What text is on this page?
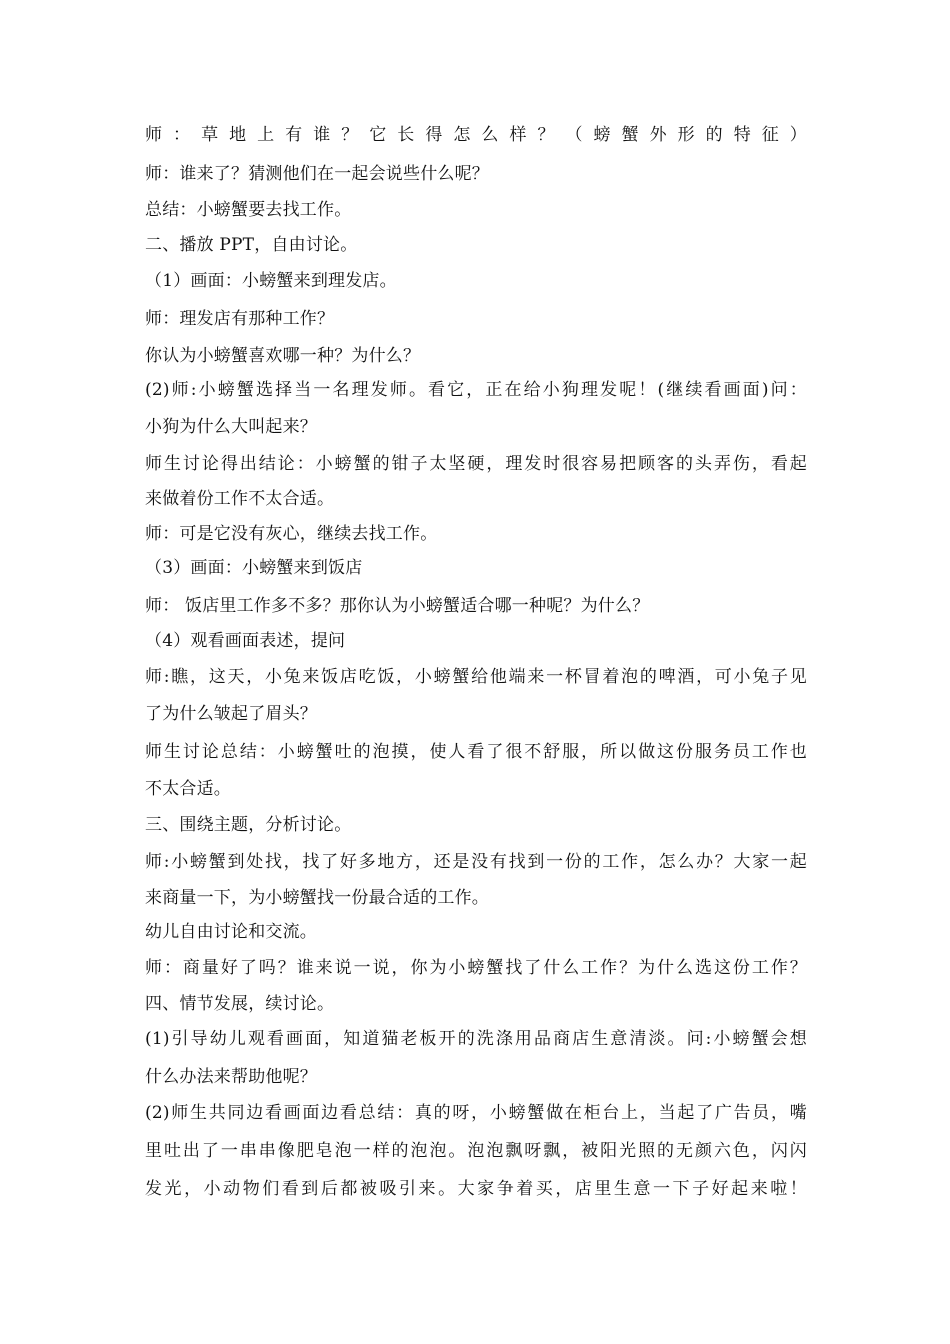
师：草地上有谁？它长得怎么样？（螃蟹外形的特征）
师：谁来了？猜测他们在一起会说些什么呢？
总结：小螃蟹要去找工作。
二、播放 PPT，自由讨论。
（1）画面：小螃蟹来到理发店。
师：理发店有那种工作？
你认为小螃蟹喜欢哪一种？为什么？
(2)师:小螃蟹选择当一名理发师。看它，正在给小狗理发呢！(继续看画面)问：
小狗为什么大叫起来？
师生讨论得出结论：小螃蟹的钳子太坚硬，理发时很容易把顾客的头弄伤，看起
来做着份工作不太合适。
师：可是它没有灰心，继续去找工作。
（3）画面：小螃蟹来到饭店
师： 饭店里工作多不多？那你认为小螃蟹适合哪一种呢？为什么？
（4）观看画面表述，提问
师:瞧，这天，小兔来饭店吃饭，小螃蟹给他端来一杯冒着泡的啤酒，可小兔子见
了为什么皱起了眉头？
师生讨论总结：小螃蟹吐的泡摸，使人看了很不舒服，所以做这份服务员工作也
不太合适。
三、围绕主题，分析讨论。
师:小螃蟹到处找，找了好多地方，还是没有找到一份的工作，怎么办？大家一起
来商量一下，为小螃蟹找一份最合适的工作。
幼儿自由讨论和交流。
师：商量好了吗？谁来说一说，你为小螃蟹找了什么工作？为什么选这份工作？
四、情节发展，续讨论。
(1)引导幼儿观看画面，知道猫老板开的洗涤用品商店生意清淡。问:小螃蟹会想
什么办法来帮助他呢？
(2)师生共同边看画面边看总结：真的呀，小螃蟹做在柜台上，当起了广告员，嘴
里吐出了一串串像肥皂泡一样的泡泡。泡泡飘呀飘，被阳光照的无颜六色，闪闪
发光，小动物们看到后都被吸引来。大家争着买，店里生意一下子好起来啦！
